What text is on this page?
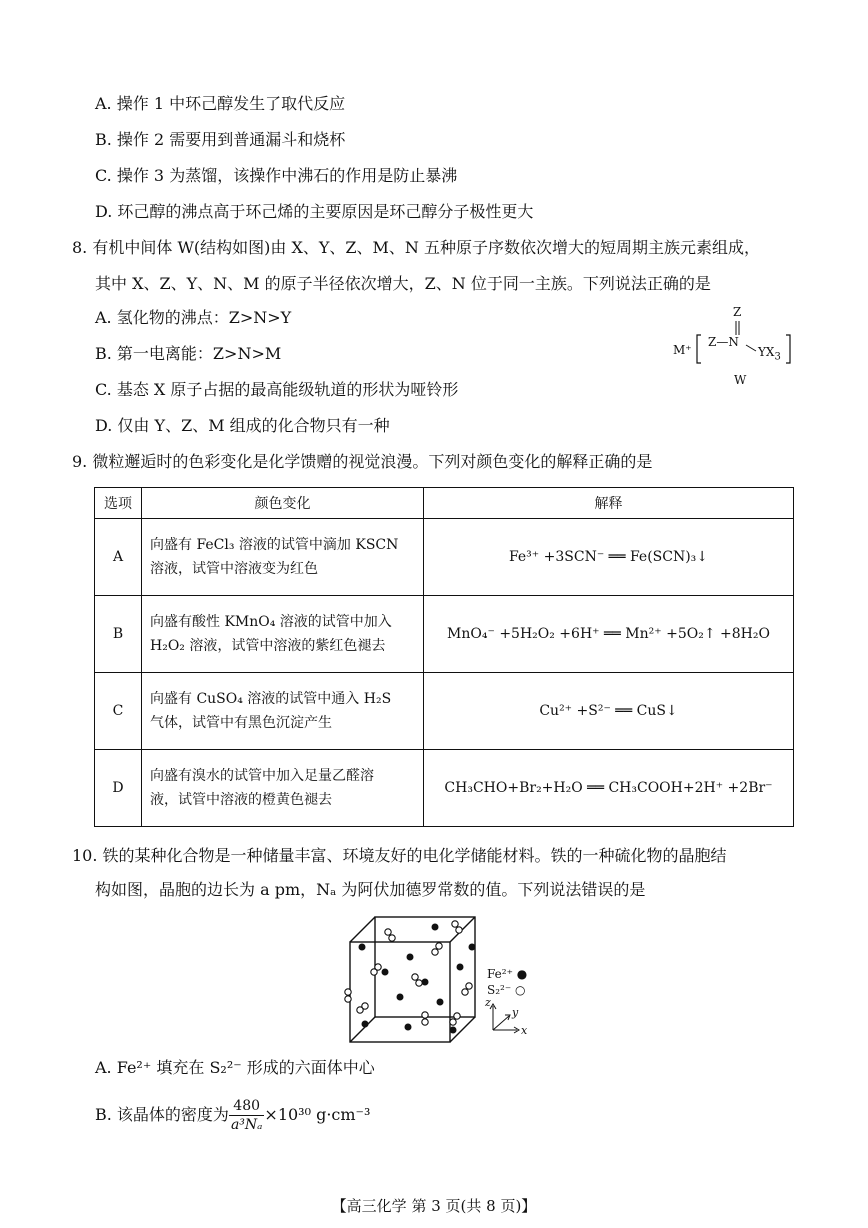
A. 操作 1 中环己醇发生了取代反应
B. 操作 2 需要用到普通漏斗和烧杯
C. 操作 3 为蒸馏，该操作中沸石的作用是防止暴沸
D. 环己醇的沸点高于环己烯的主要原因是环己醇分子极性更大
8. 有机中间体 W(结构如图)由 X、Y、Z、M、N 五种原子序数依次增大的短周期主族元素组成，
其中 X、Z、Y、N、M 的原子半径依次增大，Z、N 位于同一主族。下列说法正确的是
A. 氢化物的沸点：Z>N>Y
B. 第一电离能：Z>N>M
C. 基态 X 原子占据的最高能级轨道的形状为哑铃形
D. 仅由 Y、Z、M 组成的化合物只有一种
M⁺
Z
Z—N
$YX_3$
W
9. 微粒邂逅时的色彩变化是化学馈赠的视觉浪漫。下列对颜色变化的解释正确的是
选项	颜色变化	解释
A	向盛有 FeCl₃ 溶液的试管中滴加 KSCN
溶液，试管中溶液变为红色	Fe³⁺ +3SCN⁻ ══ Fe(SCN)₃↓
B	向盛有酸性 KMnO₄ 溶液的试管中加入
H₂O₂ 溶液，试管中溶液的紫红色褪去	MnO₄⁻ +5H₂O₂ +6H⁺ ══ Mn²⁺ +5O₂↑ +8H₂O
C	向盛有 CuSO₄ 溶液的试管中通入 H₂S
气体，试管中有黑色沉淀产生	Cu²⁺ +S²⁻ ══ CuS↓
D	向盛有溴水的试管中加入足量乙醛溶
液，试管中溶液的橙黄色褪去	CH₃CHO+Br₂+H₂O ══ CH₃COOH+2H⁺ +2Br⁻
10. 铁的某种化合物是一种储量丰富、环境友好的电化学储能材料。铁的一种硫化物的晶胞结
构如图，晶胞的边长为 a pm，Nₐ 为阿伏加德罗常数的值。下列说法错误的是
Fe²⁺ ●
S₂²⁻ ○
z
y
x
A. Fe²⁺ 填充在 S₂²⁻ 形成的六面体中心
B. 该晶体的密度为 $\frac{480}{\text{a³Nₐ}} \times 10^{30}$ g·cm⁻³
【高三化学 第 3 页(共 8 页)】
